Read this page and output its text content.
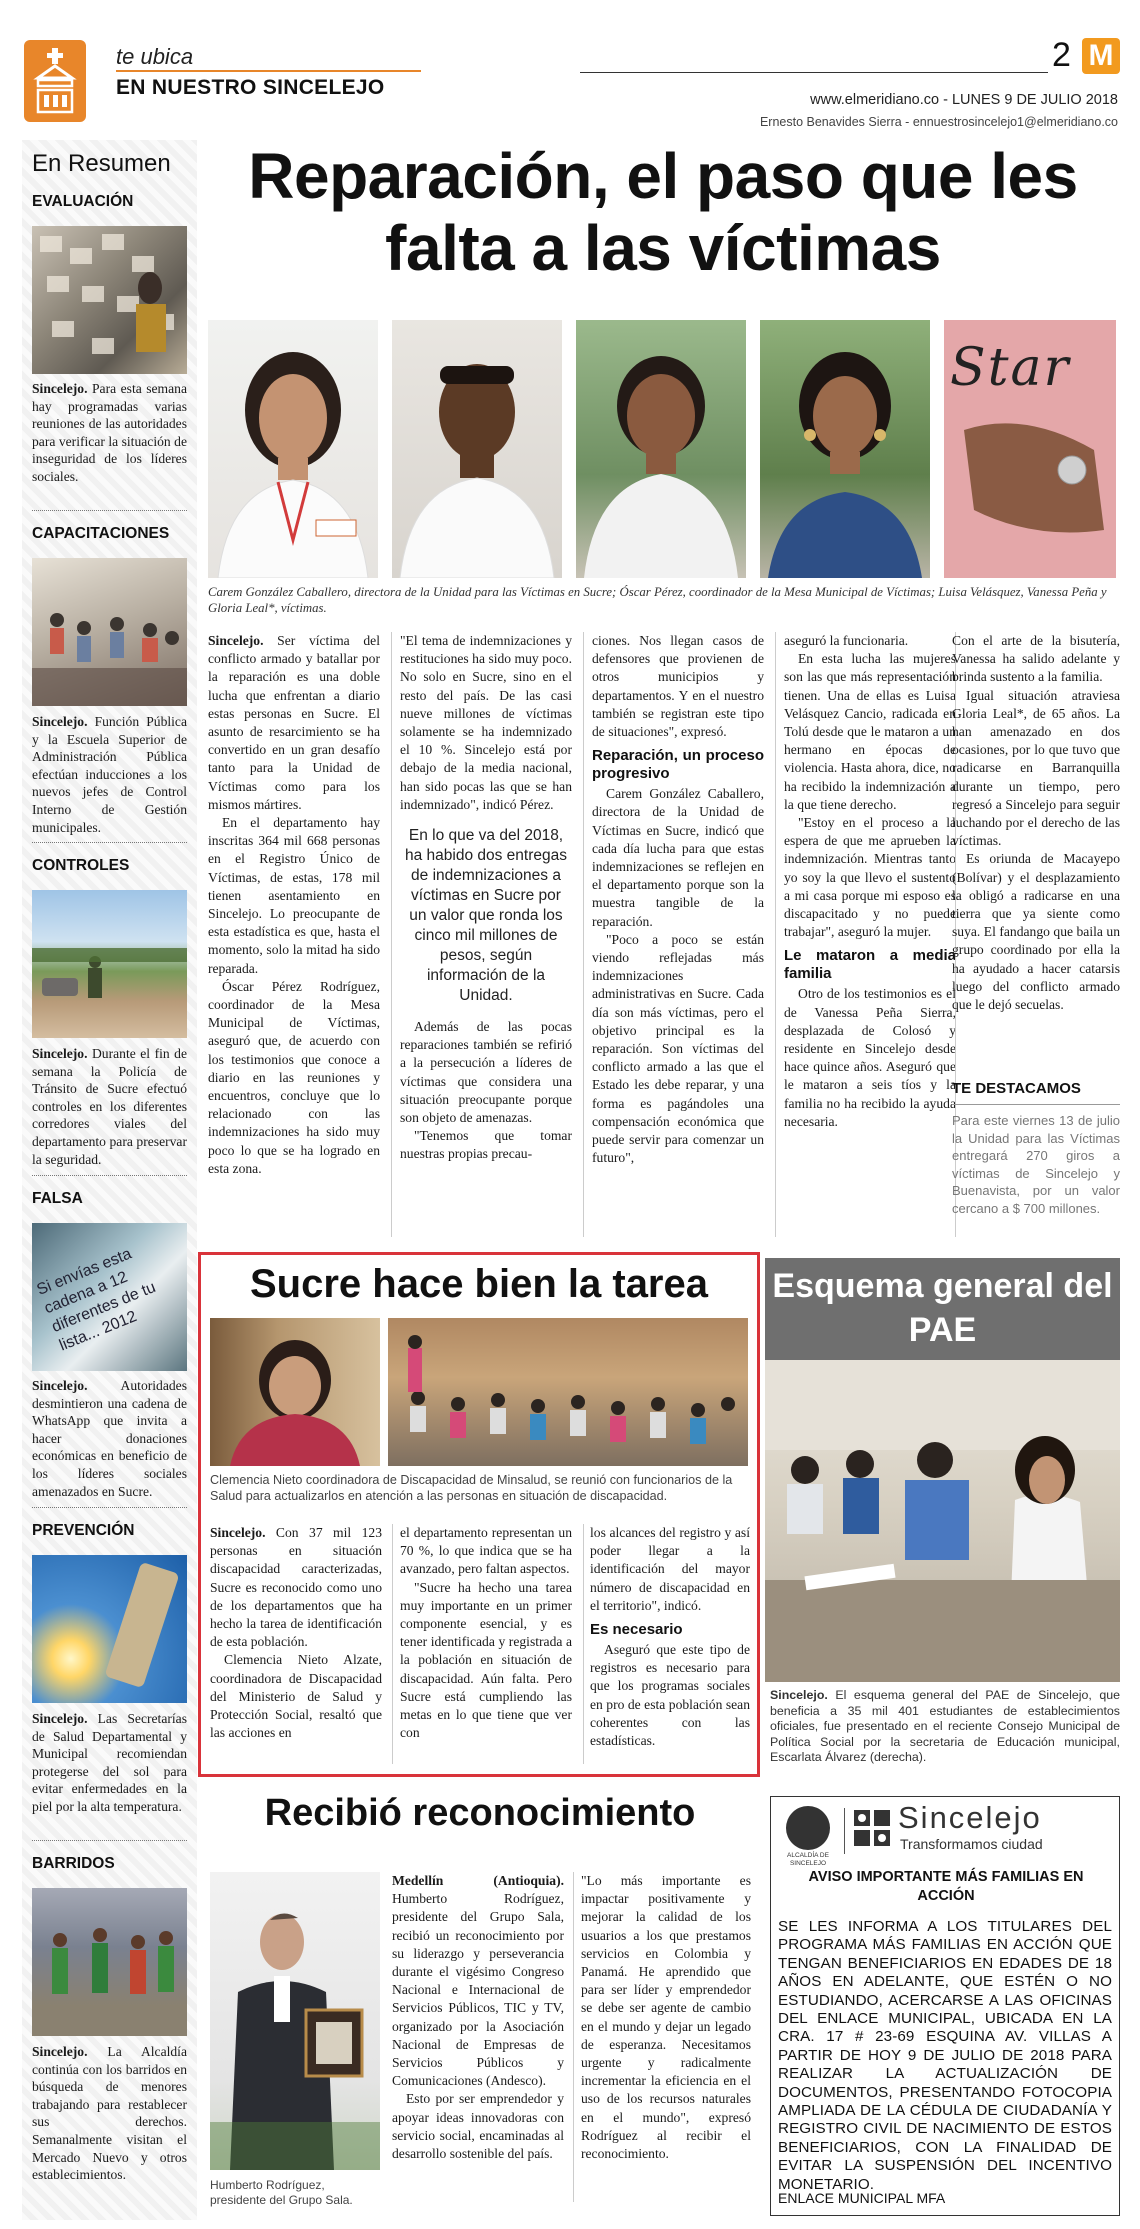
te ubica
EN NUESTRO SINCELEJO
2 M
www.elmeridiano.co - LUNES 9 DE JULIO 2018
Ernesto Benavides Sierra - ennuestrosincelejo1@elmeridiano.co
En Resumen
EVALUACIÓN
Sincelejo. Para esta semana hay programadas varias reuniones de las autoridades para verificar la situación de inseguridad de los líderes sociales.
CAPACITACIONES
Sincelejo. Función Pública y la Escuela Superior de Administración Pública efectúan inducciones a los nuevos jefes de Control Interno de Gestión municipales.
CONTROLES
Sincelejo. Durante el fin de semana la Policía de Tránsito de Sucre efectuó controles en los diferentes corredores viales del departamento para preservar la seguridad.
FALSA
Si envías esta cadena a 12 diferentes de tu lista... 2012
Sincelejo. Autoridades desmintieron una cadena de WhatsApp que invita a hacer donaciones económicas en beneficio de los líderes sociales amenazados en Sucre.
PREVENCIÓN
Sincelejo. Las Secretarías de Salud Departamental y Municipal recomiendan protegerse del sol para evitar enfermedades en la piel por la alta temperatura.
BARRIDOS
Sincelejo. La Alcaldía continúa con los barridos en búsqueda de menores trabajando para restablecer sus derechos. Semanalmente visitan el Mercado Nuevo y otros establecimientos.
Reparación, el paso que les falta a las víctimas
Star
Carem González Caballero, directora de la Unidad para las Víctimas en Sucre; Óscar Pérez, coordinador de la Mesa Municipal de Víctimas; Luisa Velásquez, Vanessa Peña y Gloria Leal*, víctimas.

Sincelejo. Ser víctima del conflicto armado y batallar por la reparación es una doble lucha que enfrentan a diario estas personas en Sucre. El asunto de resarcimiento se ha convertido en un gran desafío tanto para la Unidad de Víctimas como para los mismos mártires.

En el departamento hay inscritas 364 mil 668 personas en el Registro Único de Víctimas, de estas, 178 mil tienen asentamiento en Sincelejo. Lo preocupante de esta estadística es que, hasta el momento, solo la mitad ha sido reparada.

Óscar Pérez Rodríguez, coordinador de la Mesa Municipal de Víctimas, aseguró que, de acuerdo con los testimonios que conoce a diario en las reuniones y encuentros, concluye que lo relacionado con las indemnizaciones ha sido muy poco lo que se ha logrado en esta zona.

"El tema de indemnizaciones y restituciones ha sido muy poco. No solo en Sucre, sino en el resto del país. De las casi nueve millones de víctimas solamente se ha indemnizado el 10 %. Sincelejo está por debajo de la media nacional, han sido pocas las que se han indemnizado", indicó Pérez.

En lo que va del 2018, ha habido dos entregas de indemnizaciones a víctimas en Sucre por un valor que ronda los cinco mil millones de pesos, según información de la Unidad.

Además de las pocas reparaciones también se refirió a la persecución a líderes de víctimas que considera una situación preocupante porque son objeto de amenazas.

"Tenemos que tomar nuestras propias precau-

ciones. Nos llegan casos de defensores que provienen de otros municipios y departamentos. Y en el nuestro también se registran este tipo de situaciones", expresó.

Reparación, un proceso progresivo

Carem González Caballero, directora de la Unidad de Víctimas en Sucre, indicó que cada día lucha para que estas indemnizaciones se reflejen en el departamento porque son la muestra tangible de la reparación.

"Poco a poco se están viendo reflejadas más indemnizaciones administrativas en Sucre. Cada día son más víctimas, pero el objetivo principal es la reparación. Son víctimas del conflicto armado a las que el Estado les debe reparar, y una forma es pagándoles una compensación económica que puede servir para comenzar un futuro",

aseguró la funcionaria.

En esta lucha las mujeres son las que más representación tienen. Una de ellas es Luisa Velásquez Cancio, radicada en Tolú desde que le mataron a un hermano en épocas de violencia. Hasta ahora, dice, no ha recibido la indemnización a la que tiene derecho.

"Estoy en el proceso a la espera de que me aprueben la indemnización. Mientras tanto yo soy la que llevo el sustento a mi casa porque mi esposo es discapacitado y no puede trabajar", aseguró la mujer.

Le mataron a media familia

Otro de los testimonios es el de Vanessa Peña Sierra, desplazada de Colosó y residente en Sincelejo desde hace quince años. Aseguró que le mataron a seis tíos y la familia no ha recibido la ayuda necesaria.

Con el arte de la bisutería, Vanessa ha salido adelante y brinda sustento a la familia.

Igual situación atraviesa Gloria Leal*, de 65 años. La han amenazado en dos ocasiones, por lo que tuvo que radicarse en Barranquilla durante un tiempo, pero regresó a Sincelejo para seguir luchando por el derecho de las víctimas.

Es oriunda de Macayepo (Bolívar) y el desplazamiento la obligó a radicarse en una tierra que ya siente como suya. El fandango que baila un grupo coordinado por ella la ha ayudado a hacer catarsis luego del conflicto armado que le dejó secuelas.

TE DESTACAMOS
Para este viernes 13 de julio la Unidad para las Víctimas entregará 270 giros a víctimas de Sincelejo y Buenavista, por un valor cercano a $ 700 millones.
Sucre hace bien la tarea
Clemencia Nieto coordinadora de Discapacidad de Minsalud, se reunió con funcionarios de la Salud para actualizarlos en atención a las personas en situación de discapacidad.

Sincelejo. Con 37 mil 123 personas en situación discapacidad caracterizadas, Sucre es reconocido como uno de los departamentos que ha hecho la tarea de identificación de esta población.

Clemencia Nieto Alzate, coordinadora de Discapacidad del Ministerio de Salud y Protección Social, resaltó que las acciones en

el departamento representan un 70 %, lo que indica que se ha avanzado, pero faltan aspectos.

"Sucre ha hecho una tarea muy importante en un primer componente esencial, y es tener identificada y registrada a la población en situación de discapacidad. Aún falta. Pero Sucre está cumpliendo las metas en lo que tiene que ver con

los alcances del registro y así poder llegar a la identificación del mayor número de discapacidad en el territorio", indicó.

Es necesario

Aseguró que este tipo de registros es necesario para que los programas sociales en pro de esta población sean coherentes con las estadísticas.

Esquema general del PAE
Sincelejo. El esquema general del PAE de Sincelejo, que beneficia a 35 mil 401 estudiantes de establecimientos oficiales, fue presentado en el reciente Consejo Municipal de Política Social por la secretaria de Educación municipal, Escarlata Álvarez (derecha).
Recibió reconocimiento
Humberto Rodríguez, presidente del Grupo Sala.

Medellín (Antioquia). Humberto Rodríguez, presidente del Grupo Sala, recibió un reconocimiento por su liderazgo y perseverancia durante el vigésimo Congreso Nacional e Internacional de Servicios Públicos, TIC y TV, organizado por la Asociación Nacional de Empresas de Servicios Públicos y Comunicaciones (Andesco).

Esto por ser emprendedor y apoyar ideas innovadoras con servicio social, encaminadas al desarrollo sostenible del país.

"Lo más importante es impactar positivamente y mejorar la calidad de los usuarios a los que prestamos servicios en Colombia y Panamá. He aprendido que para ser líder y emprendedor se debe ser agente de cambio en el mundo y dejar un legado de esperanza. Necesitamos urgente y radicalmente incrementar la eficiencia en el uso de los recursos naturales en el mundo", expresó Rodríguez al recibir el reconocimiento.

ALCALDÍA DE SINCELEJO
Sincelejo
Transformamos ciudad
AVISO IMPORTANTE MÁS FAMILIAS EN ACCIÓN
SE LES INFORMA A LOS TITULARES DEL PROGRAMA MÁS FAMILIAS EN ACCIÓN QUE TENGAN BENEFICIARIOS EN EDADES DE 18 AÑOS EN ADELANTE, QUE ESTÉN O NO ESTUDIANDO, ACERCARSE A LAS OFICINAS DEL ENLACE MUNICIPAL, UBICADA EN LA CRA. 17 # 23-69 ESQUINA AV. VILLAS A PARTIR DE HOY 9 DE JULIO DE 2018 PARA REALIZAR LA ACTUALIZACIÓN DE DOCUMENTOS, PRESENTANDO FOTOCOPIA AMPLIADA DE LA CÉDULA DE CIUDADANÍA Y REGISTRO CIVIL DE NACIMIENTO DE ESTOS BENEFICIARIOS, CON LA FINALIDAD DE EVITAR LA SUSPENSIÓN DEL INCENTIVO MONETARIO.
ENLACE MUNICIPAL MFA
